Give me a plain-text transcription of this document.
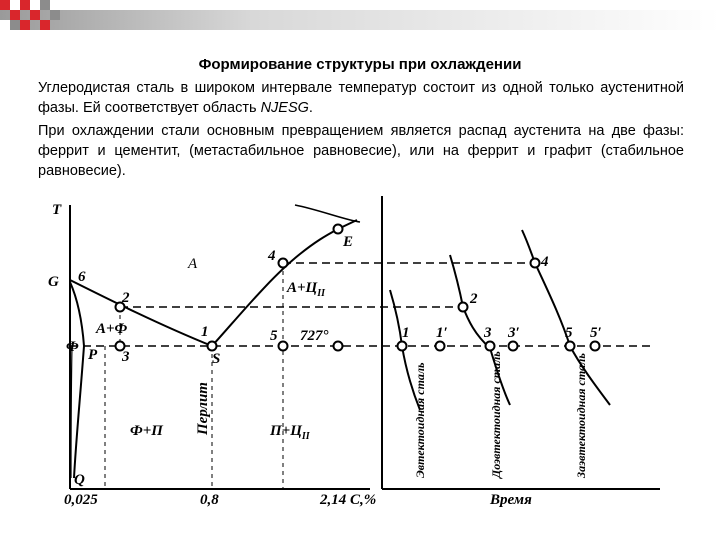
Формирование структуры при охлаждении
Углеродистая сталь в широком интервале температур состоит из одной только аустенитной фазы. Ей соответствует область NJESG.
При охлаждении стали основным превращением является распад аустенита на две фазы: феррит и цементит, (метастабильное равновесие), или на феррит и графит (стабильное равновесие).
T
G 6
E
4
2
A
$A+Ц_{II}$
A+Ф	1	5 727°
Ф P 3	S
Ф+П	$П+Ц_{II}$
Перлит
Q
0,025	0,8	2,14 C,%	Время
1 1′ 3 3′	5 5′
2
4
Эвтектоидная сталь	Доэвтектоидная сталь	Заэвтектоидная сталь
